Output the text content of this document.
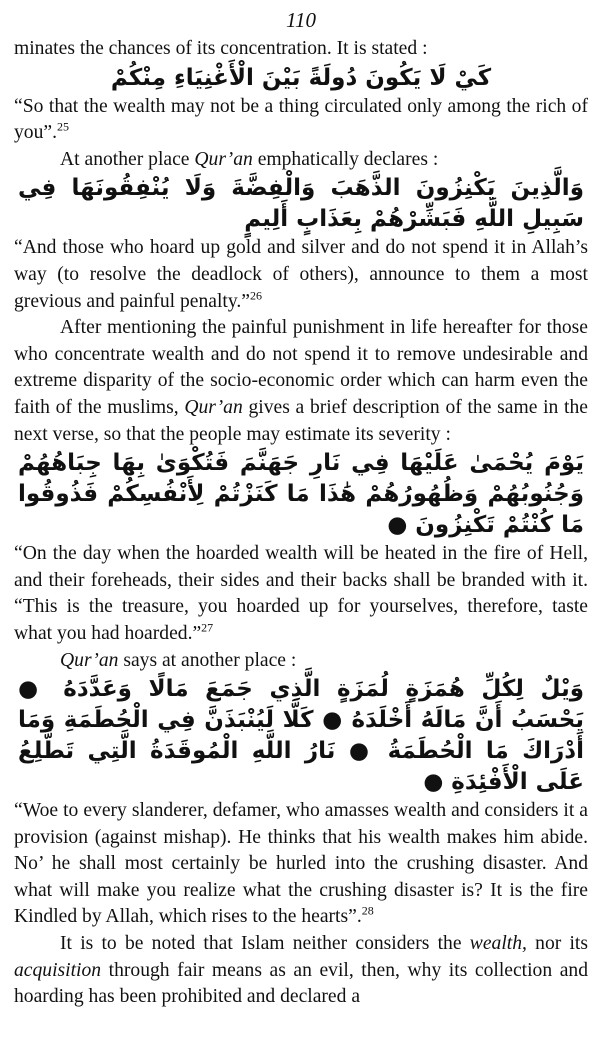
110

minates the chances of its concentration. It is stated :

كَيْ لَا يَكُونَ دُولَةً بَيْنَ الْأَغْنِيَاءِ مِنْكُمْ

“So that the wealth may not be a thing circulated only among the rich of you”.$^{25}$

At another place Qur’an emphatically declares :

وَالَّذِينَ يَكْنِزُونَ الذَّهَبَ وَالْفِضَّةَ وَلَا يُنْفِقُونَهَا فِي سَبِيلِ اللَّهِ فَبَشِّرْهُمْ بِعَذَابٍ أَلِيمٍ

“And those who hoard up gold and silver and do not spend it in Allah’s way (to resolve the deadlock of others), announce to them a most grevious and painful penalty.”$^{26}$

After mentioning the painful punishment in life hereafter for those who concentrate wealth and do not spend it to remove undesirable and extreme disparity of the socio-economic order which can harm even the faith of the muslims, Qur’an gives a brief description of the same in the next verse, so that the people may estimate its severity :

يَوْمَ يُحْمَىٰ عَلَيْهَا فِي نَارِ جَهَنَّمَ فَتُكْوَىٰ بِهَا جِبَاهُهُمْ وَجُنُوبُهُمْ وَظُهُورُهُمْ هَٰذَا مَا كَنَزْتُمْ لِأَنْفُسِكُمْ فَذُوقُوا مَا كُنْتُمْ تَكْنِزُونَ ●

“On the day when the hoarded wealth will be heated in the fire of Hell, and their foreheads, their sides and their backs shall be branded with it. “This is the treasure, you hoarded up for yourselves, therefore, taste what you had hoarded.”$^{27}$

Qur’an says at another place :

وَيْلٌ لِكُلِّ هُمَزَةٍ لُمَزَةٍ الَّذِي جَمَعَ مَالًا وَعَدَّدَهُ ● يَحْسَبُ أَنَّ مَالَهُ أَخْلَدَهُ ● كَلَّا لَيُنْبَذَنَّ فِي الْحُطَمَةِ وَمَا أَدْرَاكَ مَا الْحُطَمَةُ ● نَارُ اللَّهِ الْمُوقَدَةُ الَّتِي تَطَّلِعُ عَلَى الْأَفْئِدَةِ ●

“Woe to every slanderer, defamer, who amasses wealth and considers it a provision (against mishap). He thinks that his wealth makes him abide. No’ he shall most certainly be hurled into the crushing disaster. And what will make you realize what the crushing disaster is? It is the fire Kindled by Allah, which rises to the hearts”.$^{28}$

It is to be noted that Islam neither considers the wealth, nor its acquisition through fair means as an evil, then, why its collection and hoarding has been prohibited and declared a
